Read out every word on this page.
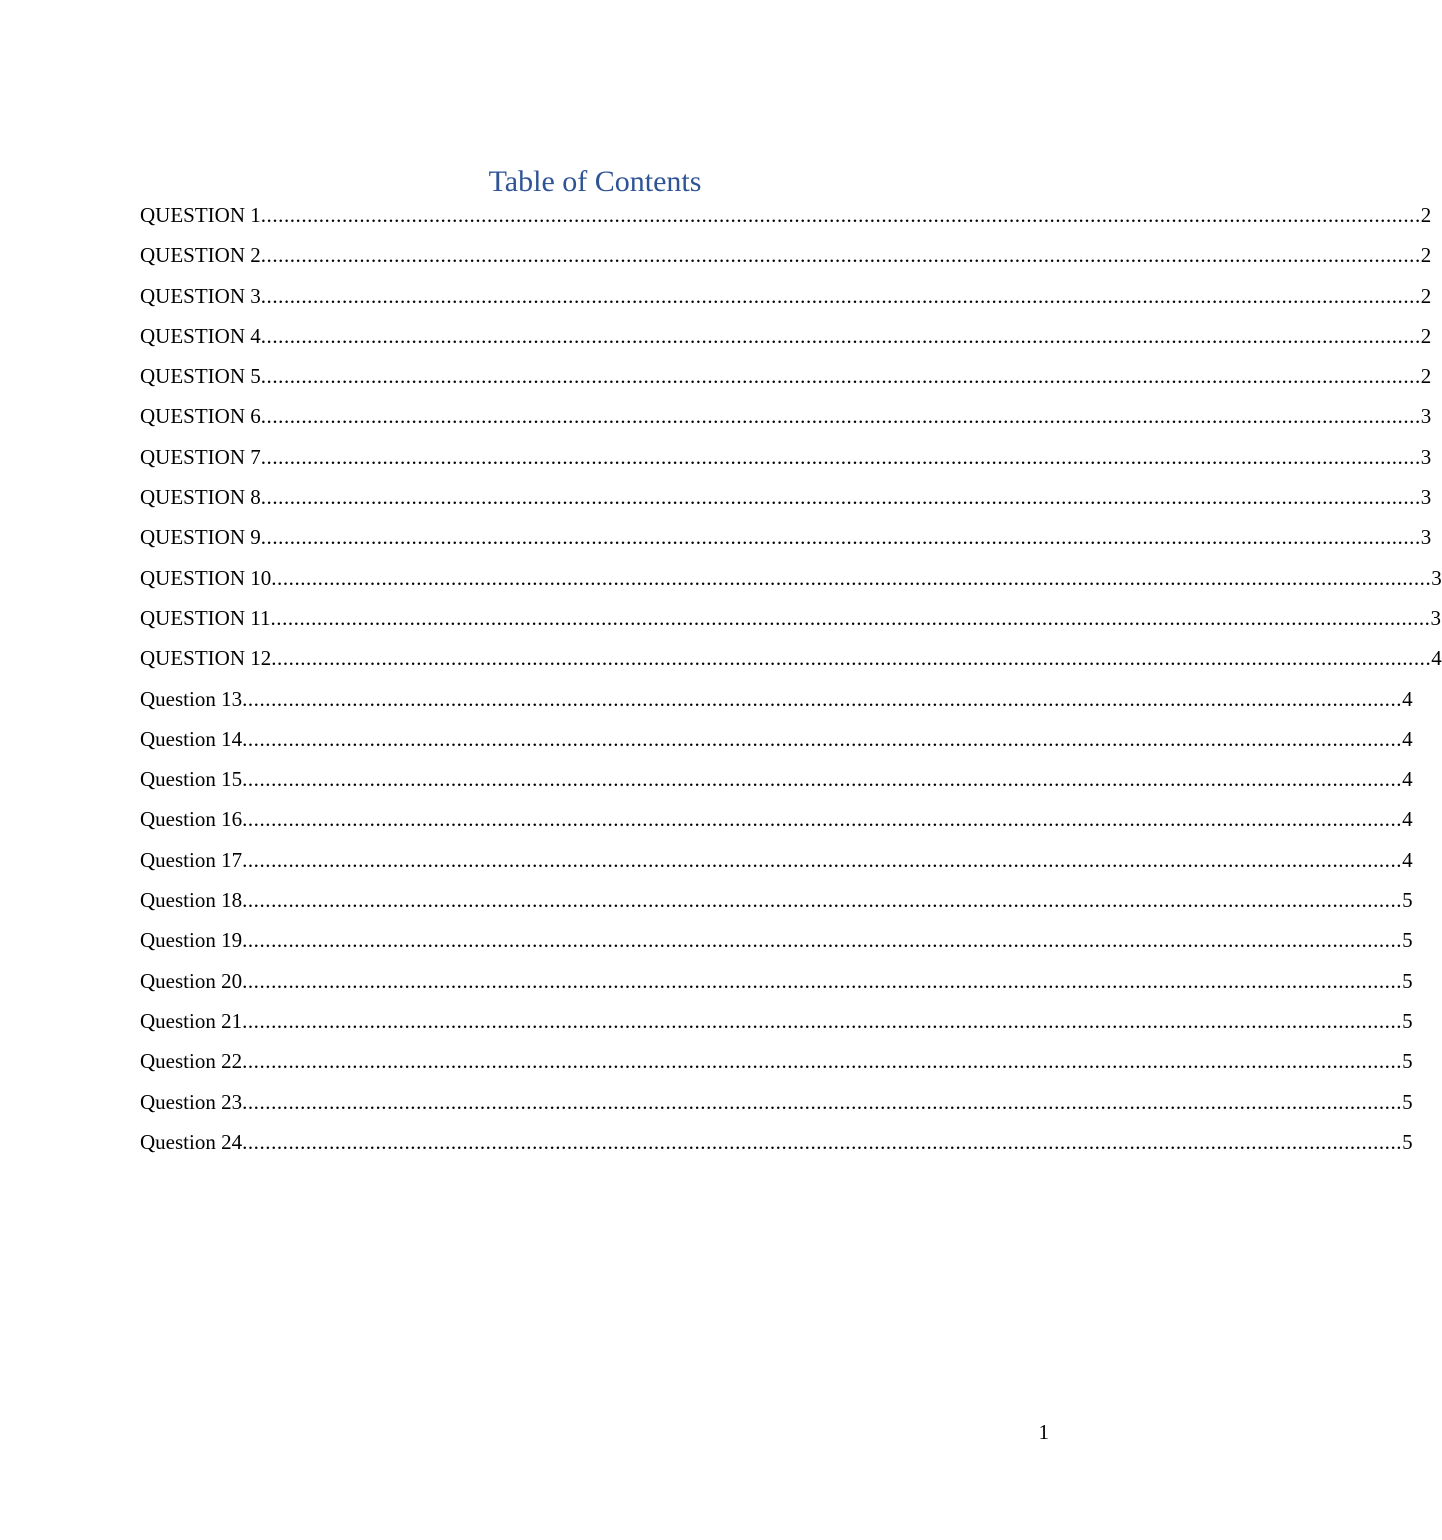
Table of Contents
QUESTION 1 ........................................................................................................................................................................................................ 2
QUESTION 2 ........................................................................................................................................................................................................ 2
QUESTION 3 ........................................................................................................................................................................................................ 2
QUESTION 4 ........................................................................................................................................................................................................ 2
QUESTION 5 ........................................................................................................................................................................................................ 2
QUESTION 6 ........................................................................................................................................................................................................ 3
QUESTION 7 ........................................................................................................................................................................................................ 3
QUESTION 8 ........................................................................................................................................................................................................ 3
QUESTION 9 ........................................................................................................................................................................................................ 3
QUESTION 10 ........................................................................................................................................................................................................ 3
QUESTION 11 ........................................................................................................................................................................................................ 3
QUESTION 12 ........................................................................................................................................................................................................ 4
Question 13 ........................................................................................................................................................................................................ 4
Question 14 ........................................................................................................................................................................................................ 4
Question 15 ........................................................................................................................................................................................................ 4
Question 16 ........................................................................................................................................................................................................ 4
Question 17 ........................................................................................................................................................................................................ 4
Question 18 ........................................................................................................................................................................................................ 5
Question 19 ........................................................................................................................................................................................................ 5
Question 20 ........................................................................................................................................................................................................ 5
Question 21 ........................................................................................................................................................................................................ 5
Question 22 ........................................................................................................................................................................................................ 5
Question 23 ........................................................................................................................................................................................................ 5
Question 24 ........................................................................................................................................................................................................ 5
1
